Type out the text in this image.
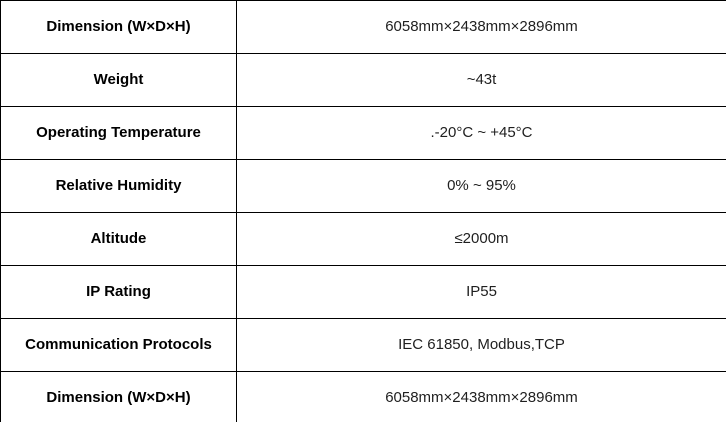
Dimension (W×D×H)	6058mm×2438mm×2896mm
Weight	~43t
Operating Temperature	.-20°C ~ +45°C
Relative Humidity	0% ~ 95%
Altitude	≤2000m
IP Rating	IP55
Communication Protocols	IEC 61850, Modbus,TCP
Dimension (W×D×H)	6058mm×2438mm×2896mm
